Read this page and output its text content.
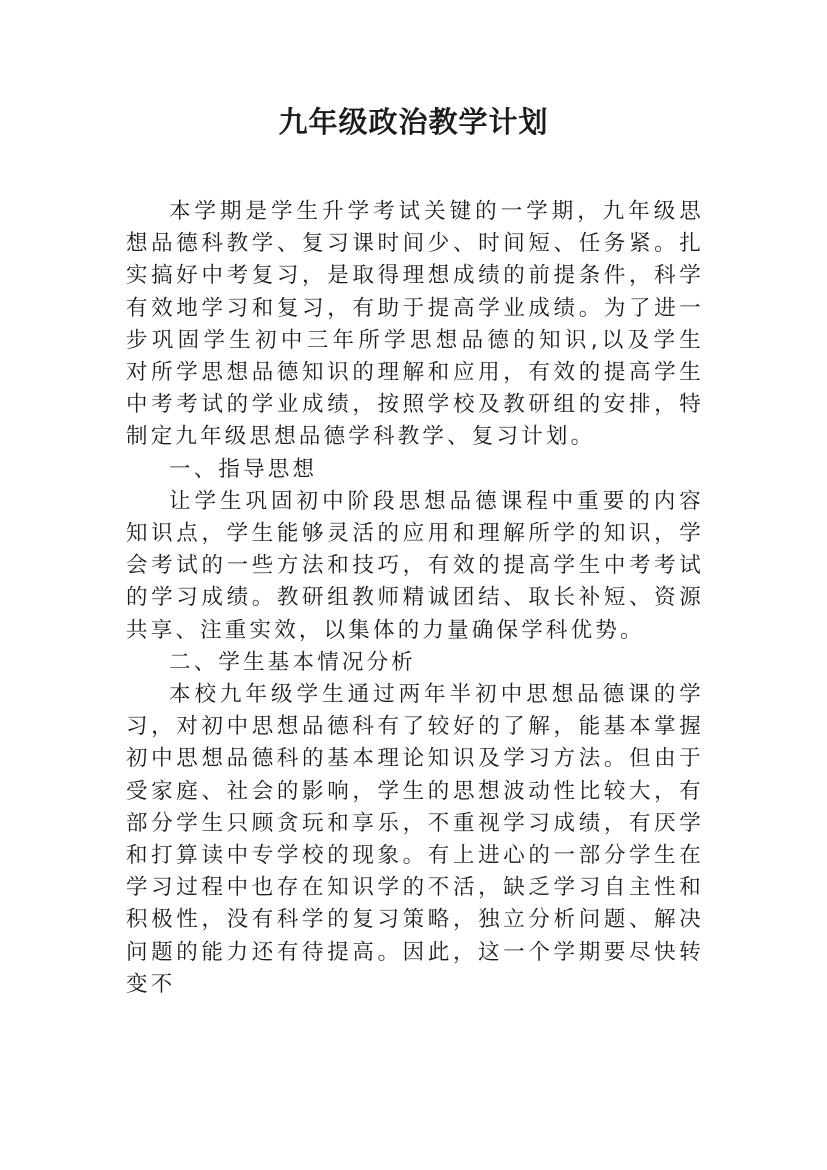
九年级政治教学计划

本学期是学生升学考试关键的一学期，九年级思想品德科教学、复习课时间少、时间短、任务紧。扎实搞好中考复习，是取得理想成绩的前提条件，科学有效地学习和复习，有助于提高学业成绩。为了进一步巩固学生初中三年所学思想品德的知识,以及学生对所学思想品德知识的理解和应用，有效的提高学生中考考试的学业成绩，按照学校及教研组的安排，特制定九年级思想品德学科教学、复习计划。

一、指导思想

让学生巩固初中阶段思想品德课程中重要的内容知识点，学生能够灵活的应用和理解所学的知识，学会考试的一些方法和技巧，有效的提高学生中考考试的学习成绩。教研组教师精诚团结、取长补短、资源共享、注重实效，以集体的力量确保学科优势。

二、学生基本情况分析

本校九年级学生通过两年半初中思想品德课的学习，对初中思想品德科有了较好的了解，能基本掌握初中思想品德科的基本理论知识及学习方法。但由于受家庭、社会的影响，学生的思想波动性比较大，有部分学生只顾贪玩和享乐，不重视学习成绩，有厌学和打算读中专学校的现象。有上进心的一部分学生在学习过程中也存在知识学的不活，缺乏学习自主性和积极性，没有科学的复习策略，独立分析问题、解决问题的能力还有待提高。因此，这一个学期要尽快转变不
